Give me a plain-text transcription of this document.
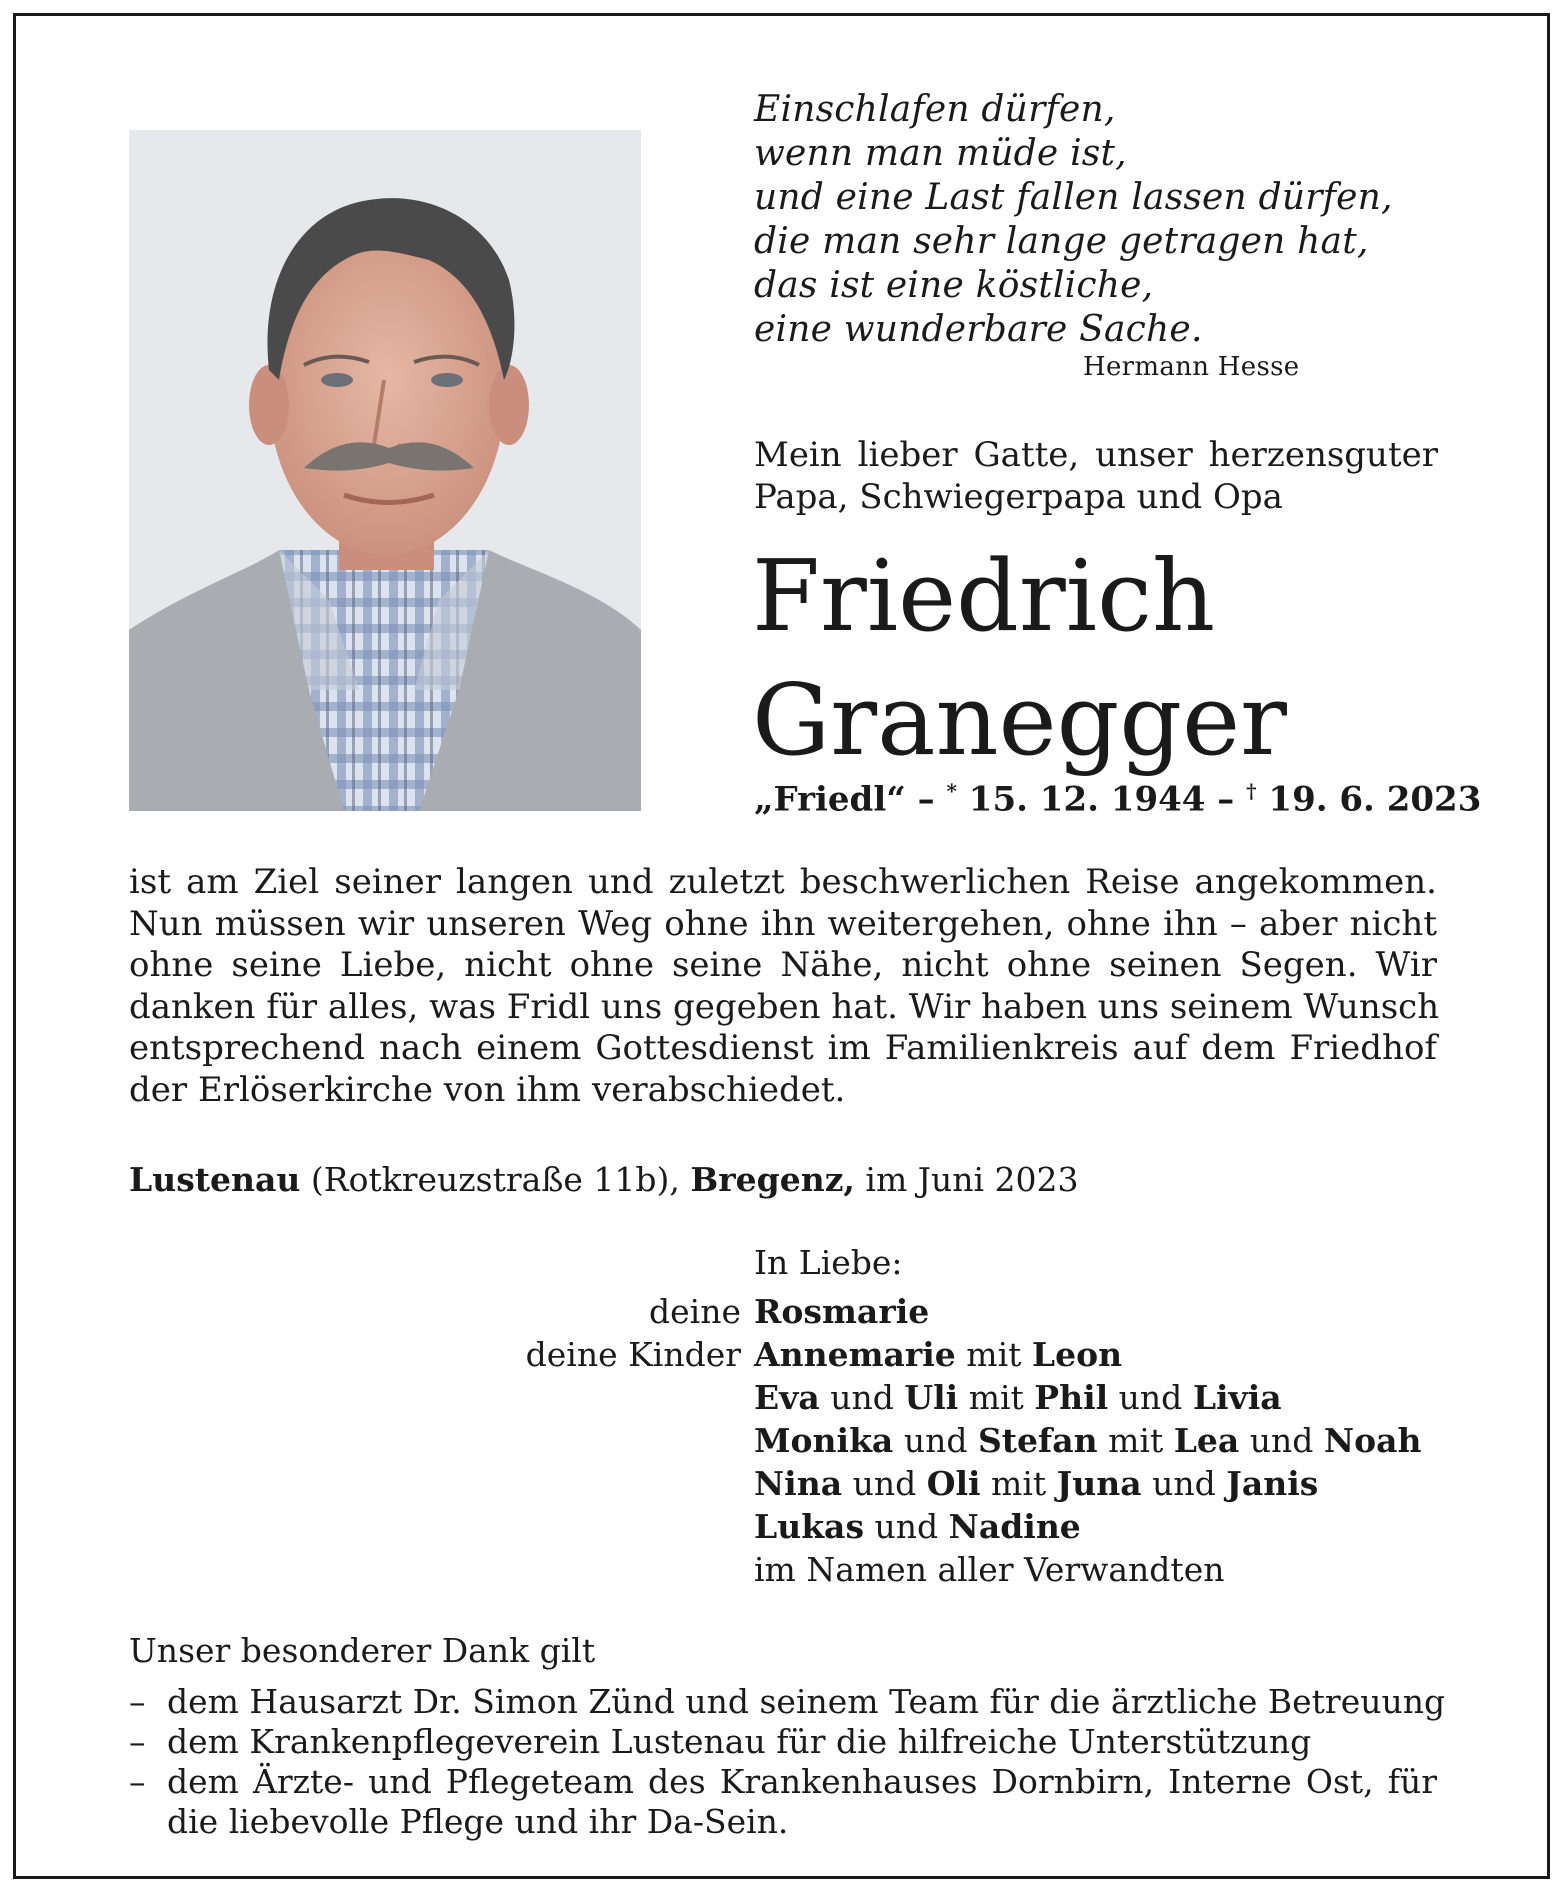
Einschlafen dürfen,
wenn man müde ist,
und eine Last fallen lassen dürfen,
die man sehr lange getragen hat,
das ist eine köstliche,
eine wunderbare Sache.
Hermann Hesse
Mein lieber Gatte, unser herzensguter
Papa, Schwiegerpapa und Opa
Friedrich
Granegger
„Friedl“ – * 15. 12. 1944 – † 19. 6. 2023
ist am Ziel seiner langen und zuletzt beschwerlichen Reise angekommen.
Nun müssen wir unseren Weg ohne ihn weitergehen, ohne ihn – aber nicht
ohne seine Liebe, nicht ohne seine Nähe, nicht ohne seinen Segen. Wir
danken für alles, was Fridl uns gegeben hat. Wir haben uns seinem Wunsch
entsprechend nach einem Gottesdienst im Familienkreis auf dem Friedhof
der Erlöserkirche von ihm verabschiedet.
Lustenau (Rotkreuzstraße 11b), Bregenz, im Juni 2023
In Liebe:
deine Rosmarie
deine Kinder Annemarie mit Leon
Eva und Uli mit Phil und Livia
Monika und Stefan mit Lea und Noah
Nina und Oli mit Juna und Janis
Lukas und Nadine
im Namen aller Verwandten
Unser besonderer Dank gilt
– dem Hausarzt Dr. Simon Zünd und seinem Team für die ärztliche Betreuung
– dem Krankenpflegeverein Lustenau für die hilfreiche Unterstützung
– dem Ärzte- und Pflegeteam des Krankenhauses Dornbirn, Interne Ost, für
die liebevolle Pflege und ihr Da-Sein.
